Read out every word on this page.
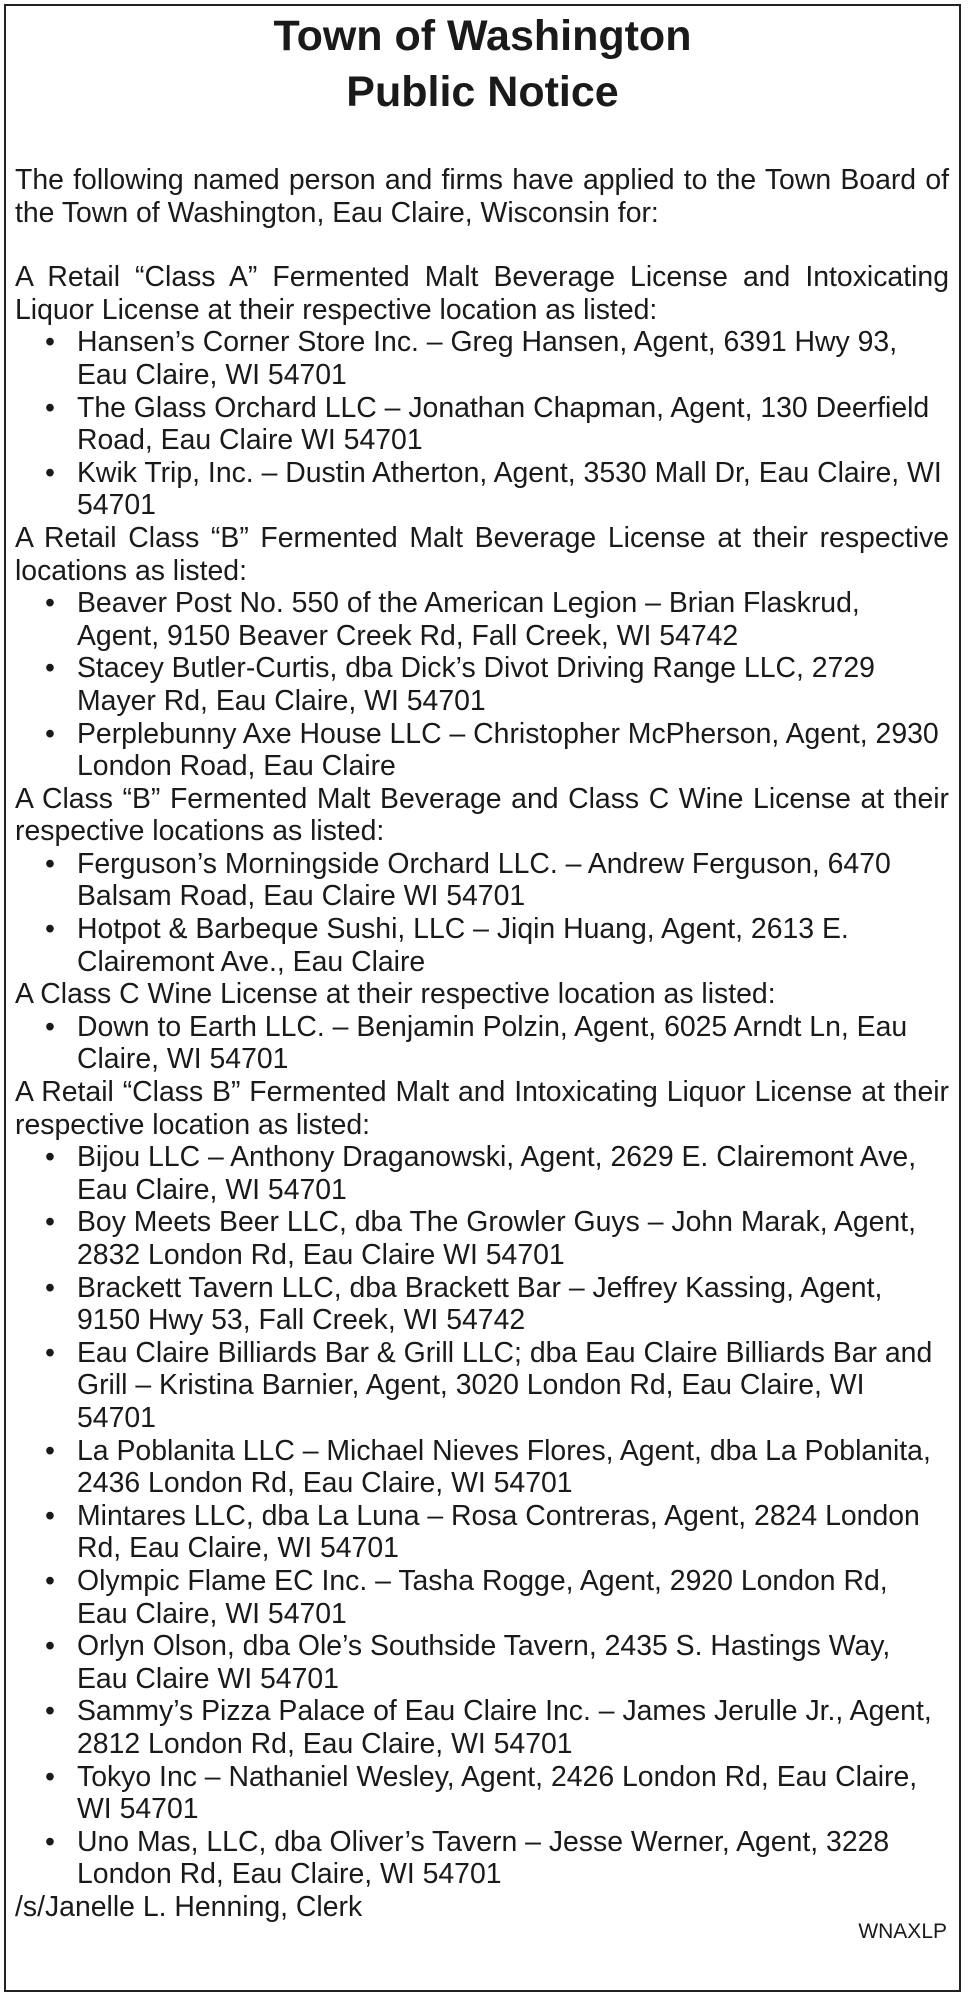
Town of Washington
Public Notice

The following named person and firms have applied to the Town Board of the Town of Washington, Eau Claire, Wisconsin for:

A Retail “Class A” Fermented Malt Beverage License and Intoxicating Liquor License at their respective location as listed:

• Hansen’s Corner Store Inc. – Greg Hansen, Agent, 6391 Hwy 93, Eau Claire, WI 54701
• The Glass Orchard LLC – Jonathan Chapman, Agent, 130 Deerfield Road, Eau Claire WI 54701
• Kwik Trip, Inc. – Dustin Atherton, Agent, 3530 Mall Dr, Eau Claire, WI 54701

A Retail Class “B” Fermented Malt Beverage License at their respective locations as listed:

• Beaver Post No. 550 of the American Legion – Brian Flaskrud, Agent, 9150 Beaver Creek Rd, Fall Creek, WI 54742
• Stacey Butler-Curtis, dba Dick’s Divot Driving Range LLC, 2729 Mayer Rd, Eau Claire, WI 54701
• Perplebunny Axe House LLC – Christopher McPherson, Agent, 2930 London Road, Eau Claire

A Class “B” Fermented Malt Beverage and Class C Wine License at their respective locations as listed:

• Ferguson’s Morningside Orchard LLC. – Andrew Ferguson, 6470 Balsam Road, Eau Claire WI 54701
• Hotpot & Barbeque Sushi, LLC – Jiqin Huang, Agent, 2613 E. Clairemont Ave., Eau Claire

A Class C Wine License at their respective location as listed:

• Down to Earth LLC. – Benjamin Polzin, Agent, 6025 Arndt Ln, Eau Claire, WI 54701

A Retail “Class B” Fermented Malt and Intoxicating Liquor License at their respective location as listed:

• Bijou LLC – Anthony Draganowski, Agent, 2629 E. Clairemont Ave, Eau Claire, WI 54701
• Boy Meets Beer LLC, dba The Growler Guys – John Marak, Agent, 2832 London Rd, Eau Claire WI 54701
• Brackett Tavern LLC, dba Brackett Bar – Jeffrey Kassing, Agent, 9150 Hwy 53, Fall Creek, WI 54742
• Eau Claire Billiards Bar & Grill LLC; dba Eau Claire Billiards Bar and Grill – Kristina Barnier, Agent, 3020 London Rd, Eau Claire, WI 54701
• La Poblanita LLC – Michael Nieves Flores, Agent, dba La Poblanita, 2436 London Rd, Eau Claire, WI 54701
• Mintares LLC, dba La Luna – Rosa Contreras, Agent, 2824 London Rd, Eau Claire, WI 54701
• Olympic Flame EC Inc. – Tasha Rogge, Agent, 2920 London Rd, Eau Claire, WI 54701
• Orlyn Olson, dba Ole’s Southside Tavern, 2435 S. Hastings Way, Eau Claire WI 54701
• Sammy’s Pizza Palace of Eau Claire Inc. – James Jerulle Jr., Agent, 2812 London Rd, Eau Claire, WI 54701
• Tokyo Inc – Nathaniel Wesley, Agent, 2426 London Rd, Eau Claire, WI 54701
• Uno Mas, LLC, dba Oliver’s Tavern – Jesse Werner, Agent, 3228 London Rd, Eau Claire, WI 54701

/s/Janelle L. Henning, Clerk

WNAXLP
